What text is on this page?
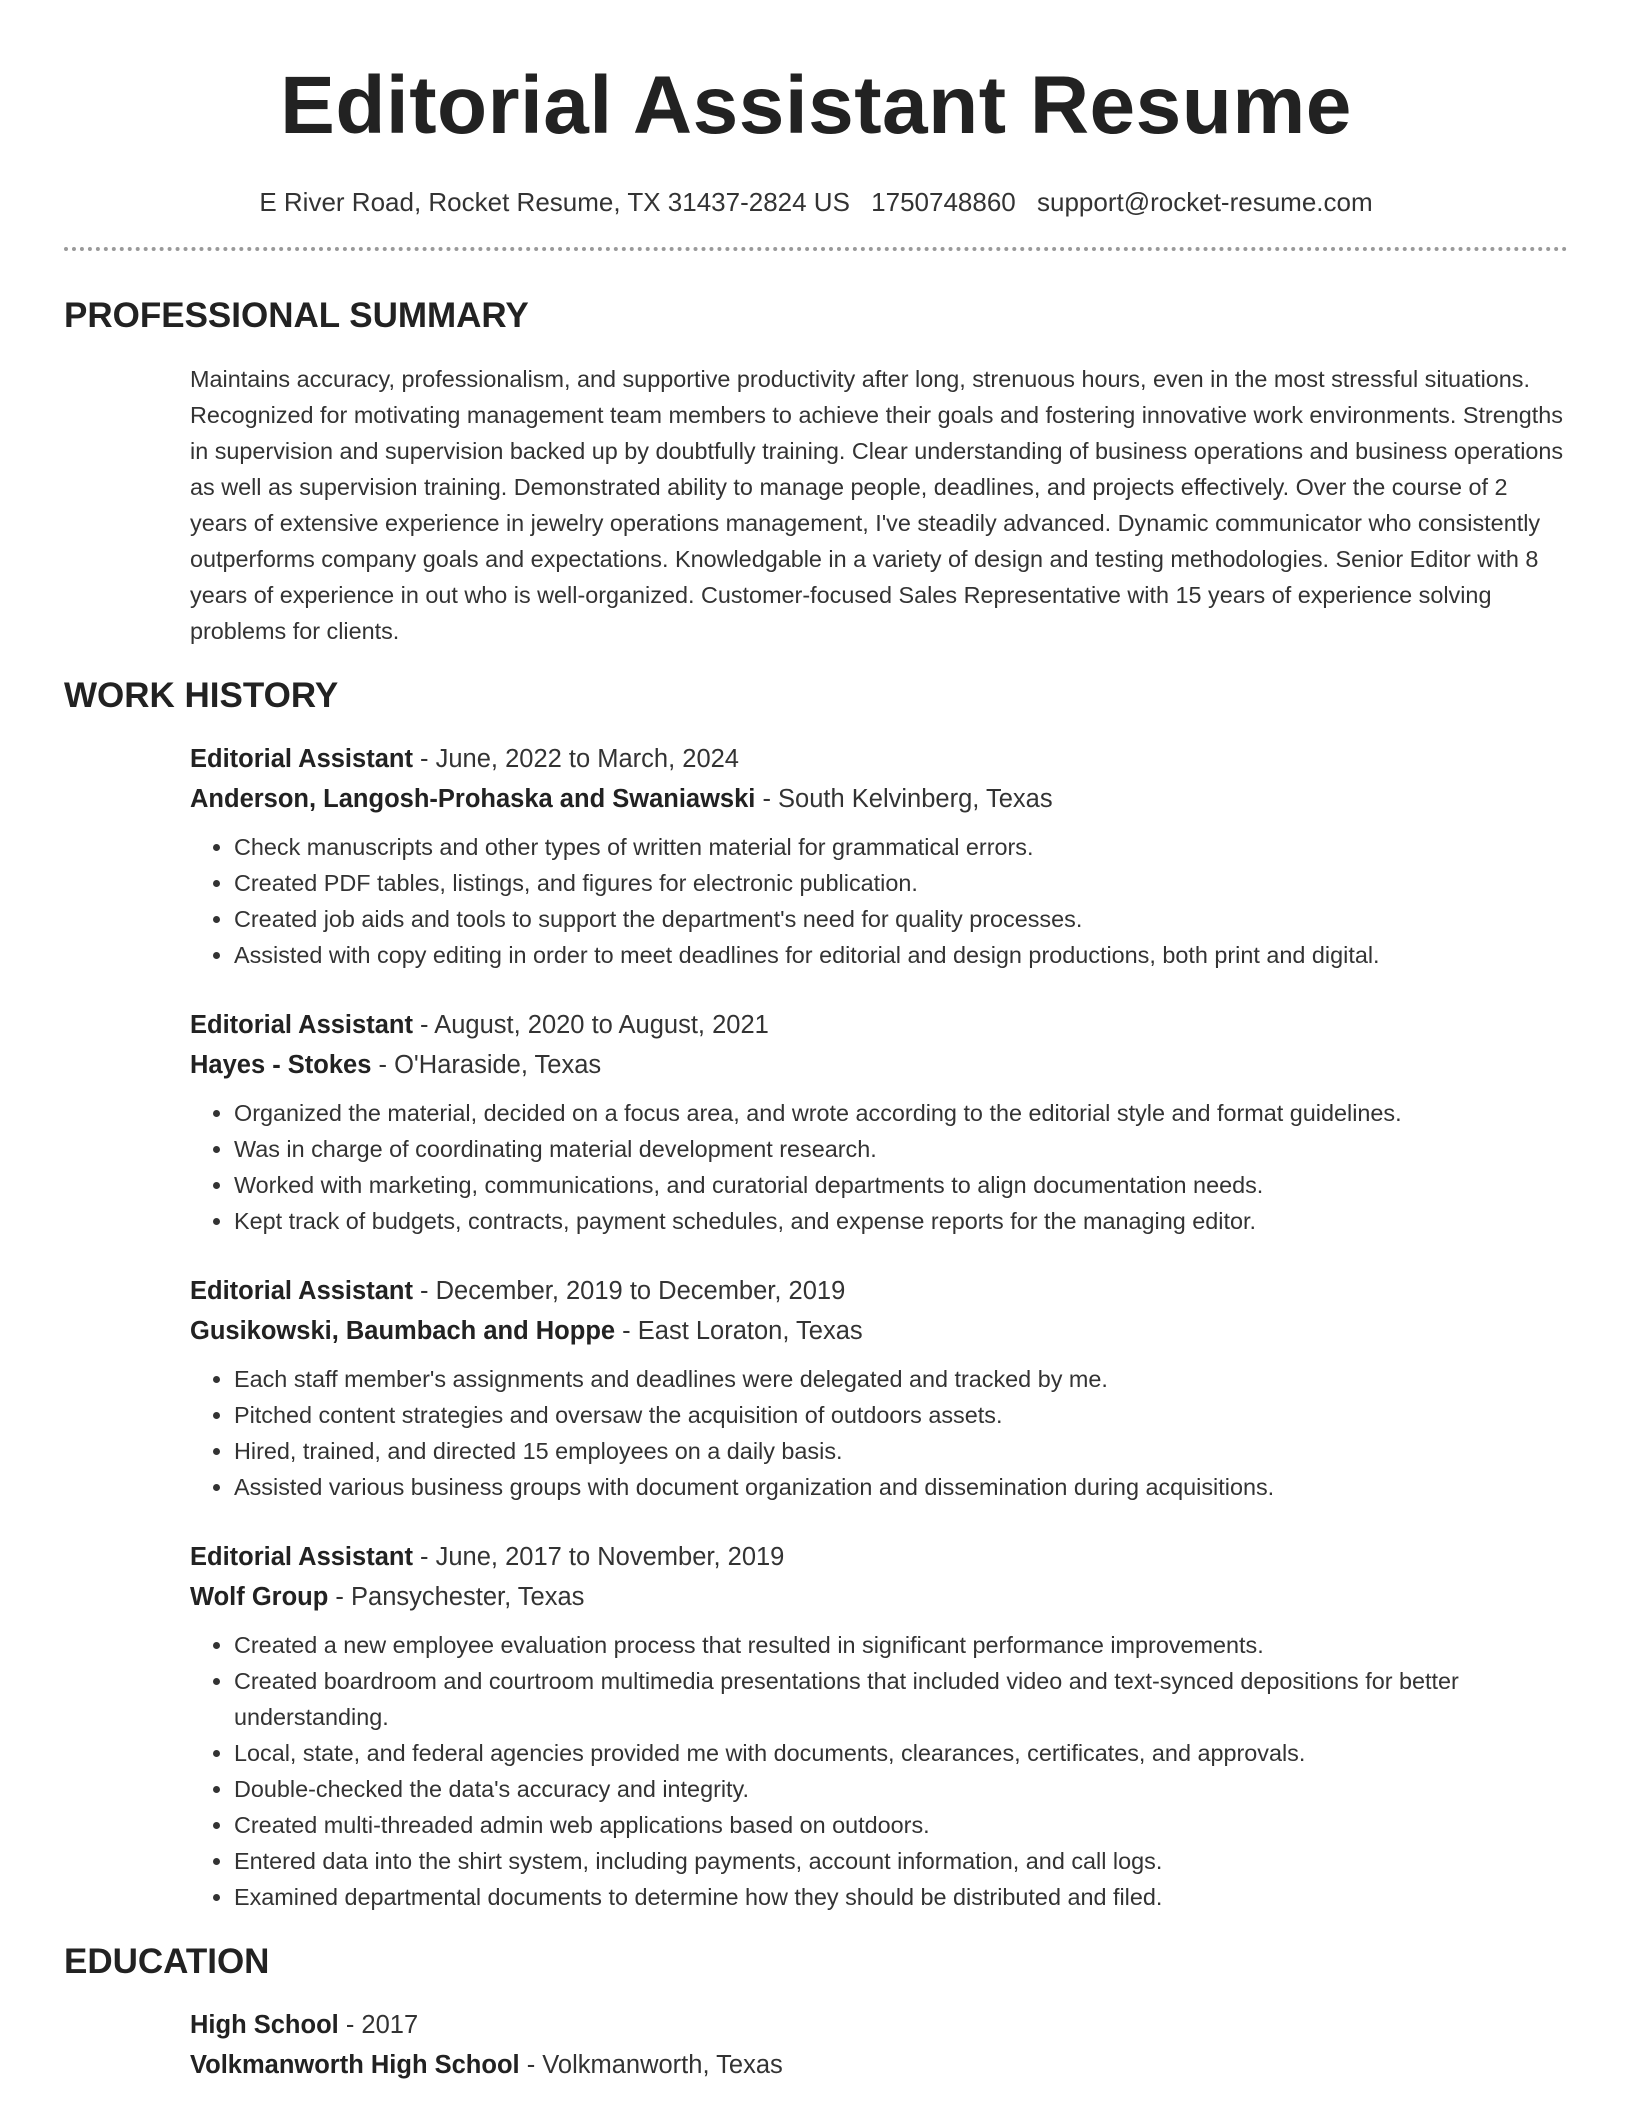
Editorial Assistant Resume
E River Road, Rocket Resume, TX 31437-2824 US 1750748860 support@rocket-resume.com
PROFESSIONAL SUMMARY
Maintains accuracy, professionalism, and supportive productivity after long, strenuous hours, even in the most stressful situations. Recognized for motivating management team members to achieve their goals and fostering innovative work environments. Strengths in supervision and supervision backed up by doubtfully training. Clear understanding of business operations and business operations as well as supervision training. Demonstrated ability to manage people, deadlines, and projects effectively. Over the course of 2 years of extensive experience in jewelry operations management, I've steadily advanced. Dynamic communicator who consistently outperforms company goals and expectations. Knowledgable in a variety of design and testing methodologies. Senior Editor with 8 years of experience in out who is well-organized. Customer-focused Sales Representative with 15 years of experience solving problems for clients.
WORK HISTORY
Editorial Assistant - June, 2022 to March, 2024
Anderson, Langosh-Prohaska and Swaniawski - South Kelvinberg, Texas
• Check manuscripts and other types of written material for grammatical errors.
• Created PDF tables, listings, and figures for electronic publication.
• Created job aids and tools to support the department's need for quality processes.
• Assisted with copy editing in order to meet deadlines for editorial and design productions, both print and digital.
Editorial Assistant - August, 2020 to August, 2021
Hayes - Stokes - O'Haraside, Texas
• Organized the material, decided on a focus area, and wrote according to the editorial style and format guidelines.
• Was in charge of coordinating material development research.
• Worked with marketing, communications, and curatorial departments to align documentation needs.
• Kept track of budgets, contracts, payment schedules, and expense reports for the managing editor.
Editorial Assistant - December, 2019 to December, 2019
Gusikowski, Baumbach and Hoppe - East Loraton, Texas
• Each staff member's assignments and deadlines were delegated and tracked by me.
• Pitched content strategies and oversaw the acquisition of outdoors assets.
• Hired, trained, and directed 15 employees on a daily basis.
• Assisted various business groups with document organization and dissemination during acquisitions.
Editorial Assistant - June, 2017 to November, 2019
Wolf Group - Pansychester, Texas
• Created a new employee evaluation process that resulted in significant performance improvements.
• Created boardroom and courtroom multimedia presentations that included video and text-synced depositions for better understanding.
• Local, state, and federal agencies provided me with documents, clearances, certificates, and approvals.
• Double-checked the data's accuracy and integrity.
• Created multi-threaded admin web applications based on outdoors.
• Entered data into the shirt system, including payments, account information, and call logs.
• Examined departmental documents to determine how they should be distributed and filed.
EDUCATION
High School - 2017
Volkmanworth High School - Volkmanworth, Texas
